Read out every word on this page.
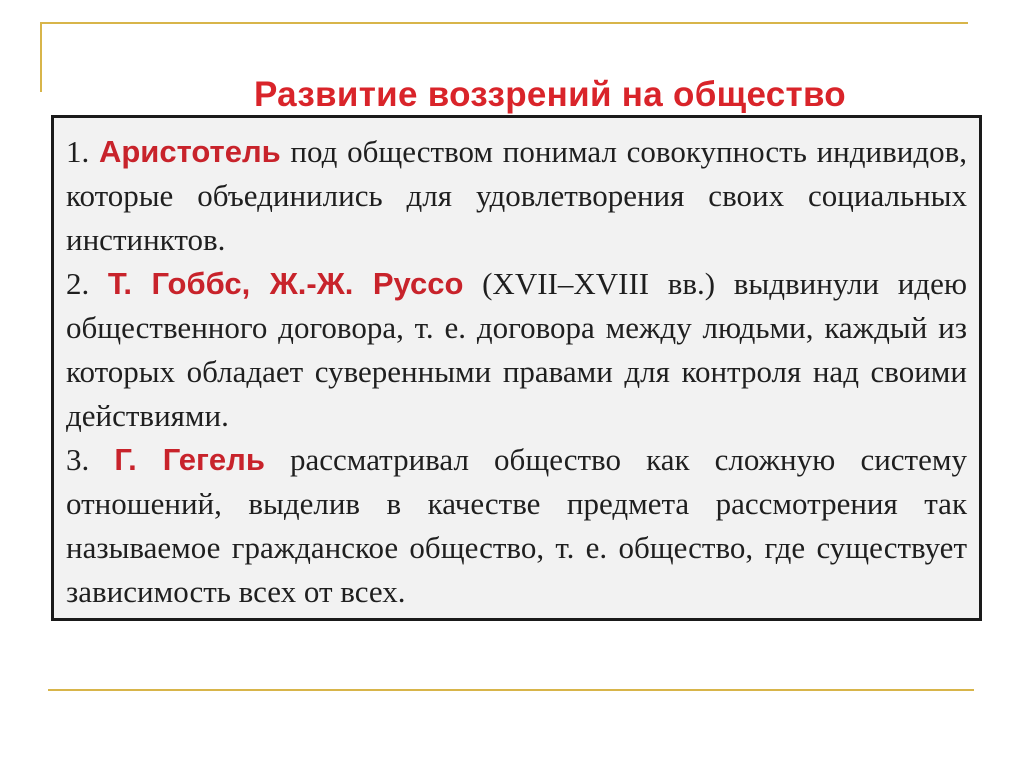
Развитие воззрений на общество

1. Аристотель под обществом понимал совокупность индивидов, которые объединились для удовлетворения своих социальных инстинктов.

2. Т. Гоббс, Ж.-Ж. Руссо (XVII–XVIII вв.) выдвинули идею общественного договора, т. е. договора между людьми, каждый из которых обладает суверенными правами для контроля над своими действиями.

3. Г. Гегель рассматривал общество как сложную систему отношений, выделив в качестве предмета рассмотрения так называемое гражданское общество, т. е. общество, где существует зависимость всех от всех.
